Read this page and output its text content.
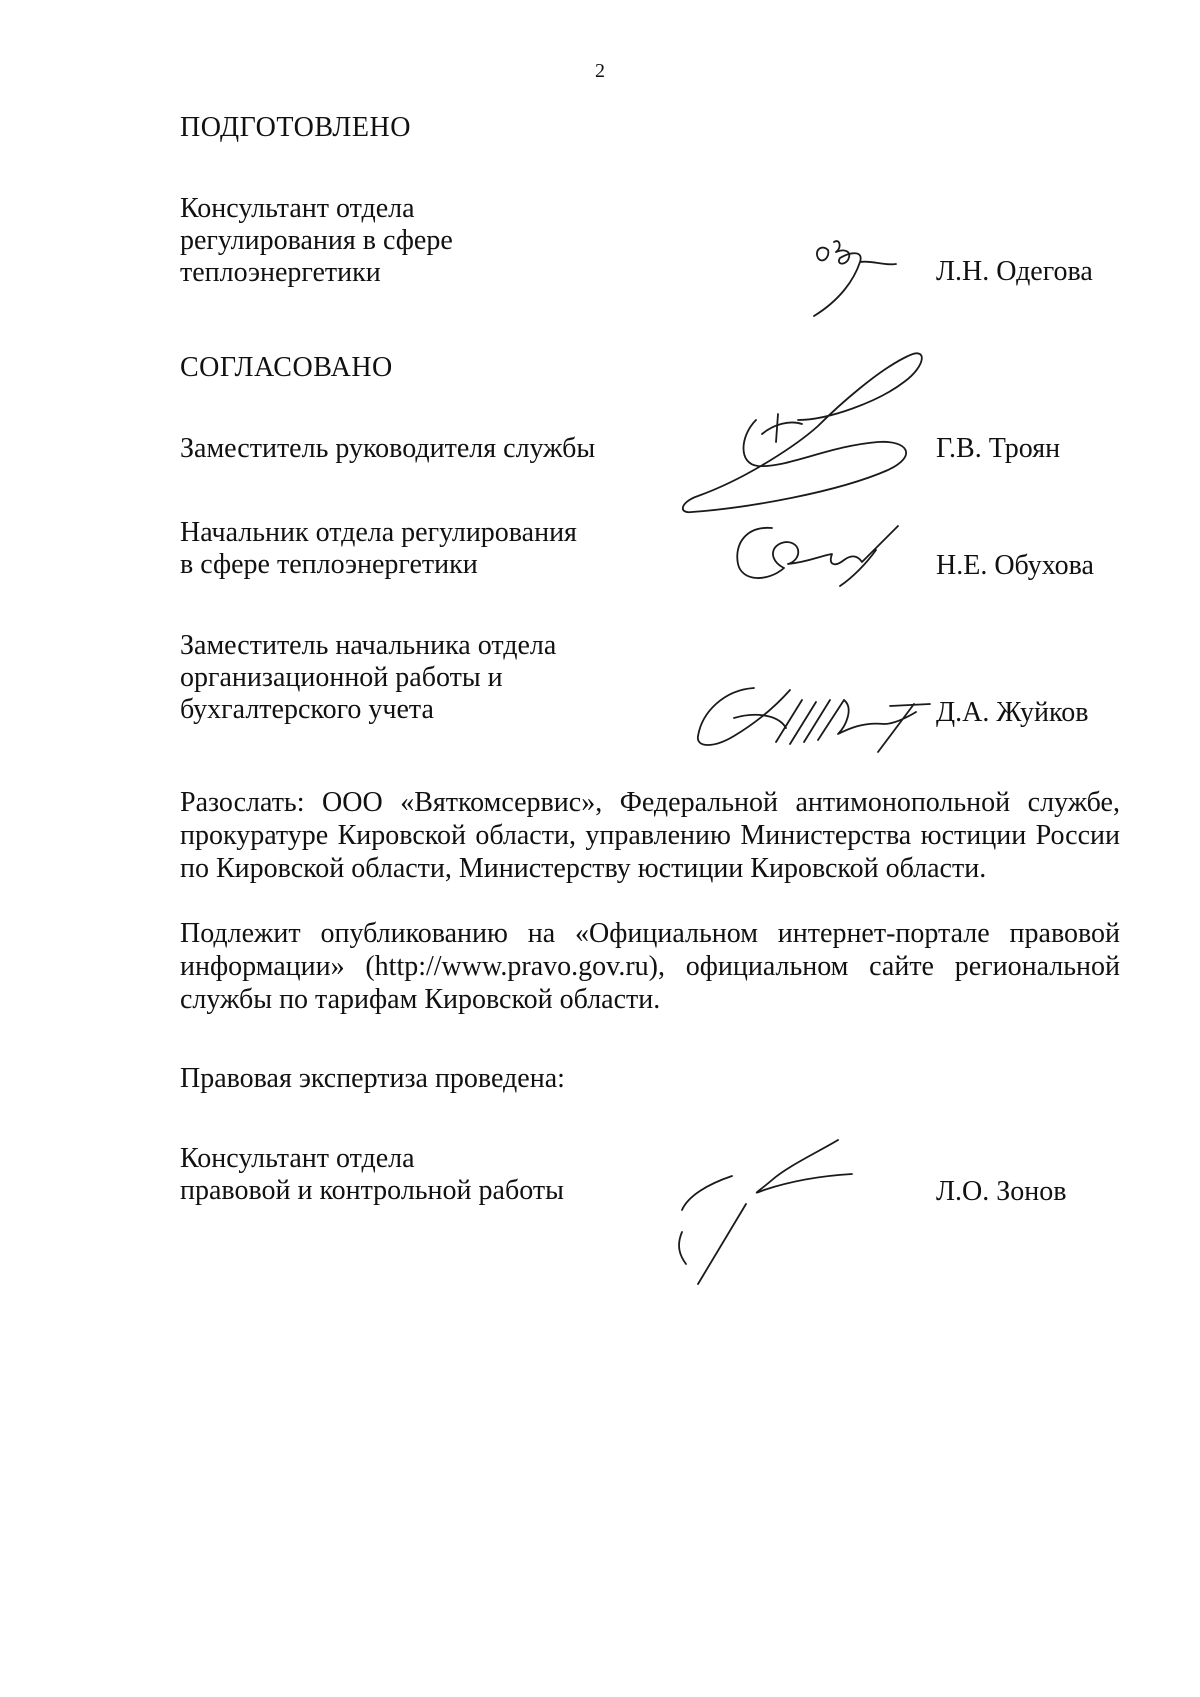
2
ПОДГОТОВЛЕНО
Консультант отдела
регулирования в сфере
теплоэнергетики	Л.Н. Одегова
СОГЛАСОВАНО
Заместитель руководителя службы	Г.В. Троян
Начальник отдела регулирования
в сфере теплоэнергетики	Н.Е. Обухова
Заместитель начальника отдела
организационной работы и
бухгалтерского учета	Д.А. Жуйков
Разослать: ООО «Вяткомсервис», Федеральной антимонопольной службе, прокуратуре Кировской области, управлению Министерства юстиции России по Кировской области, Министерству юстиции Кировской области.
Подлежит опубликованию на «Официальном интернет-портале правовой информации» (http://www.pravo.gov.ru), официальном сайте региональной службы по тарифам Кировской области.
Правовая экспертиза проведена:
Консультант отдела
правовой и контрольной работы	Л.О. Зонов
